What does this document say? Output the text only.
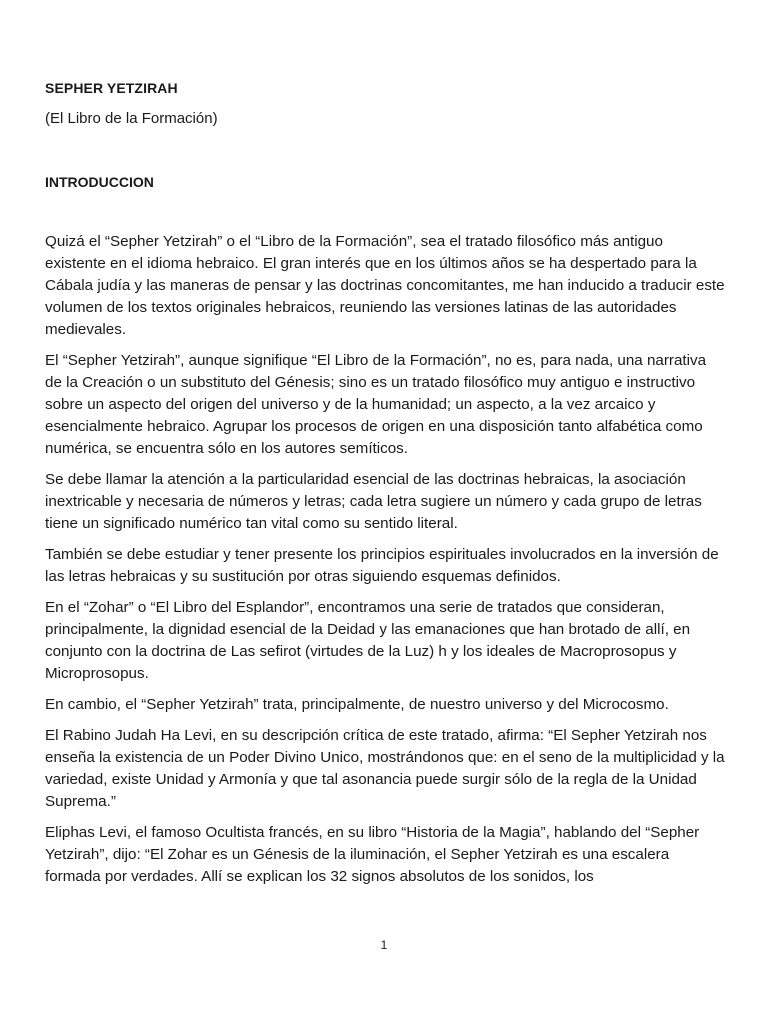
SEPHER YETZIRAH

(El Libro de la Formación)

INTRODUCCION

Quizá el “Sepher Yetzirah” o el “Libro de la Formación”, sea el tratado filosófico más antiguo existente en el idioma hebraico. El gran interés que en los últimos años se ha despertado para la Cábala judía y las maneras de pensar y las doctrinas concomitantes, me han inducido a traducir este volumen de los textos originales hebraicos, reuniendo las versiones latinas de las autoridades medievales.

El “Sepher Yetzirah”, aunque signifique “El Libro de la Formación”, no es, para nada, una narrativa de la Creación o un substituto del Génesis; sino es un tratado filosófico muy antiguo e instructivo sobre un aspecto del origen del universo y de la humanidad; un aspecto, a la vez arcaico y esencialmente hebraico. Agrupar los procesos de origen en una disposición tanto alfabética como numérica, se encuentra sólo en los autores semíticos.

Se debe llamar la atención a la particularidad esencial de las doctrinas hebraicas, la asociación inextricable y necesaria de números y letras; cada letra sugiere un número y cada grupo de letras tiene un significado numérico tan vital como su sentido literal.

También se debe estudiar y tener presente los principios espirituales involucrados en la inversión de las letras hebraicas y su sustitución por otras siguiendo esquemas definidos.

En el “Zohar” o “El Libro del Esplandor”, encontramos una serie de tratados que consideran, principalmente, la dignidad esencial de la Deidad y las emanaciones que han brotado de allí, en conjunto con la doctrina de Las sefirot (virtudes de la Luz) h y los ideales de Macroprosopus y Microprosopus.

En cambio, el “Sepher Yetzirah” trata, principalmente, de nuestro universo y del Microcosmo.

El Rabino Judah Ha Levi, en su descripción crítica de este tratado, afirma: “El Sepher Yetzirah nos enseña la existencia de un Poder Divino Unico, mostrándonos que: en el seno de la multiplicidad y la variedad, existe Unidad y Armonía y que tal asonancia puede surgir sólo de la regla de la Unidad Suprema.”

Eliphas Levi, el famoso Ocultista francés, en su libro “Historia de la Magia”, hablando del “Sepher Yetzirah”, dijo: “El Zohar es un Génesis de la iluminación, el Sepher Yetzirah es una escalera formada por verdades. Allí se explican los 32 signos absolutos de los sonidos, los

1
